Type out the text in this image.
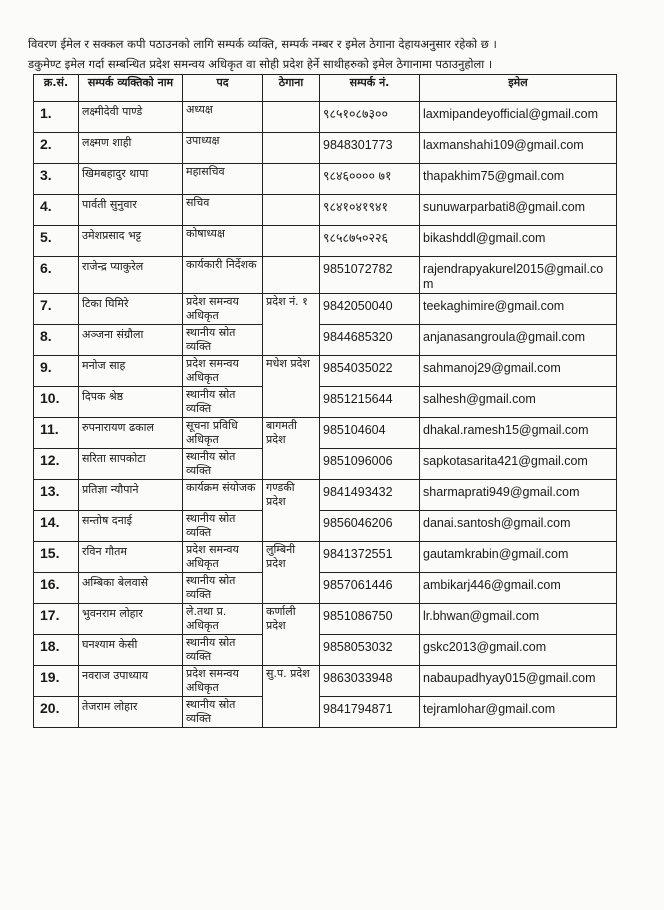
विवरण ईमेल र सक्कल कपी पठाउनको लागि सम्पर्क व्यक्ति, सम्पर्क नम्बर र इमेल ठेगाना देहायअनुसार रहेको छ ।
डकुमेण्ट इमेल गर्दा सम्बन्धित प्रदेश समन्वय अधिकृत वा सोही प्रदेश हेर्ने साथीहरुको इमेल ठेगानामा पठाउनुहोला ।
क्र.सं.	सम्पर्क व्यक्तिको नाम	पद	ठेगाना	सम्पर्क नं.	इमेल
1.	लक्ष्मीदेवी पाण्डे	अध्यक्ष		९८५१०८७३००	laxmipandeyofficial@gmail.com
2.	लक्ष्मण शाही	उपाध्यक्ष		9848301773	laxmanshahi109@gmail.com
3.	खिमबहादुर थापा	महासचिव		९८४६०००० ७१	thapakhim75@gmail.com
4.	पार्वती सुनुवार	सचिव		९८४१०४१९४१	sunuwarparbati8@gmail.com
5.	उमेशप्रसाद भट्ट	कोषाध्यक्ष		९८५८७५०२२६	bikashddl@gmail.com
6.	राजेन्द्र प्याकुरेल	कार्यकारी निर्देशक		9851072782	rajendrapyakurel2015@gmail.com
7.	टिका घिमिरे	प्रदेश समन्वय अधिकृत	प्रदेश नं. १	9842050040	teekaghimire@gmail.com
8.	अञ्जना संग्रौला	स्थानीय स्रोत व्यक्ति		9844685320	anjanasangroula@gmail.com
9.	मनोज साह	प्रदेश समन्वय अधिकृत	मधेश प्रदेश	9854035022	sahmanoj29@gmail.com
10.	दिपक श्रेष्ठ	स्थानीय स्रोत व्यक्ति		9851215644	salhesh@gmail.com
11.	रुपनारायण ढकाल	सूचना प्रविधि अधिकृत	बागमती प्रदेश	985104604	dhakal.ramesh15@gmail.com
12.	सरिता सापकोटा	स्थानीय स्रोत व्यक्ति		9851096006	sapkotasarita421@gmail.com
13.	प्रतिज्ञा न्यौपाने	कार्यक्रम संयोजक	गण्डकी प्रदेश	9841493432	sharmaprati949@gmail.com
14.	सन्तोष दनाई	स्थानीय स्रोत व्यक्ति		9856046206	danai.santosh@gmail.com
15.	रविन गौतम	प्रदेश समन्वय अधिकृत	लुम्बिनी प्रदेश	9841372551	gautamkrabin@gmail.com
16.	अम्बिका बेलवासे	स्थानीय स्रोत व्यक्ति		9857061446	ambikarj446@gmail.com
17.	भुवनराम लोहार	ले.तथा प्र. अधिकृत	कर्णाली प्रदेश	9851086750	lr.bhwan@gmail.com
18.	घनश्याम केसी	स्थानीय स्रोत व्यक्ति		9858053032	gskc2013@gmail.com
19.	नवराज उपाध्याय	प्रदेश समन्वय अधिकृत	सु.प. प्रदेश	9863033948	nabaupadhyay015@gmail.com
20.	तेजराम लोहार	स्थानीय स्रोत व्यक्ति		9841794871	tejramlohar@gmail.com
